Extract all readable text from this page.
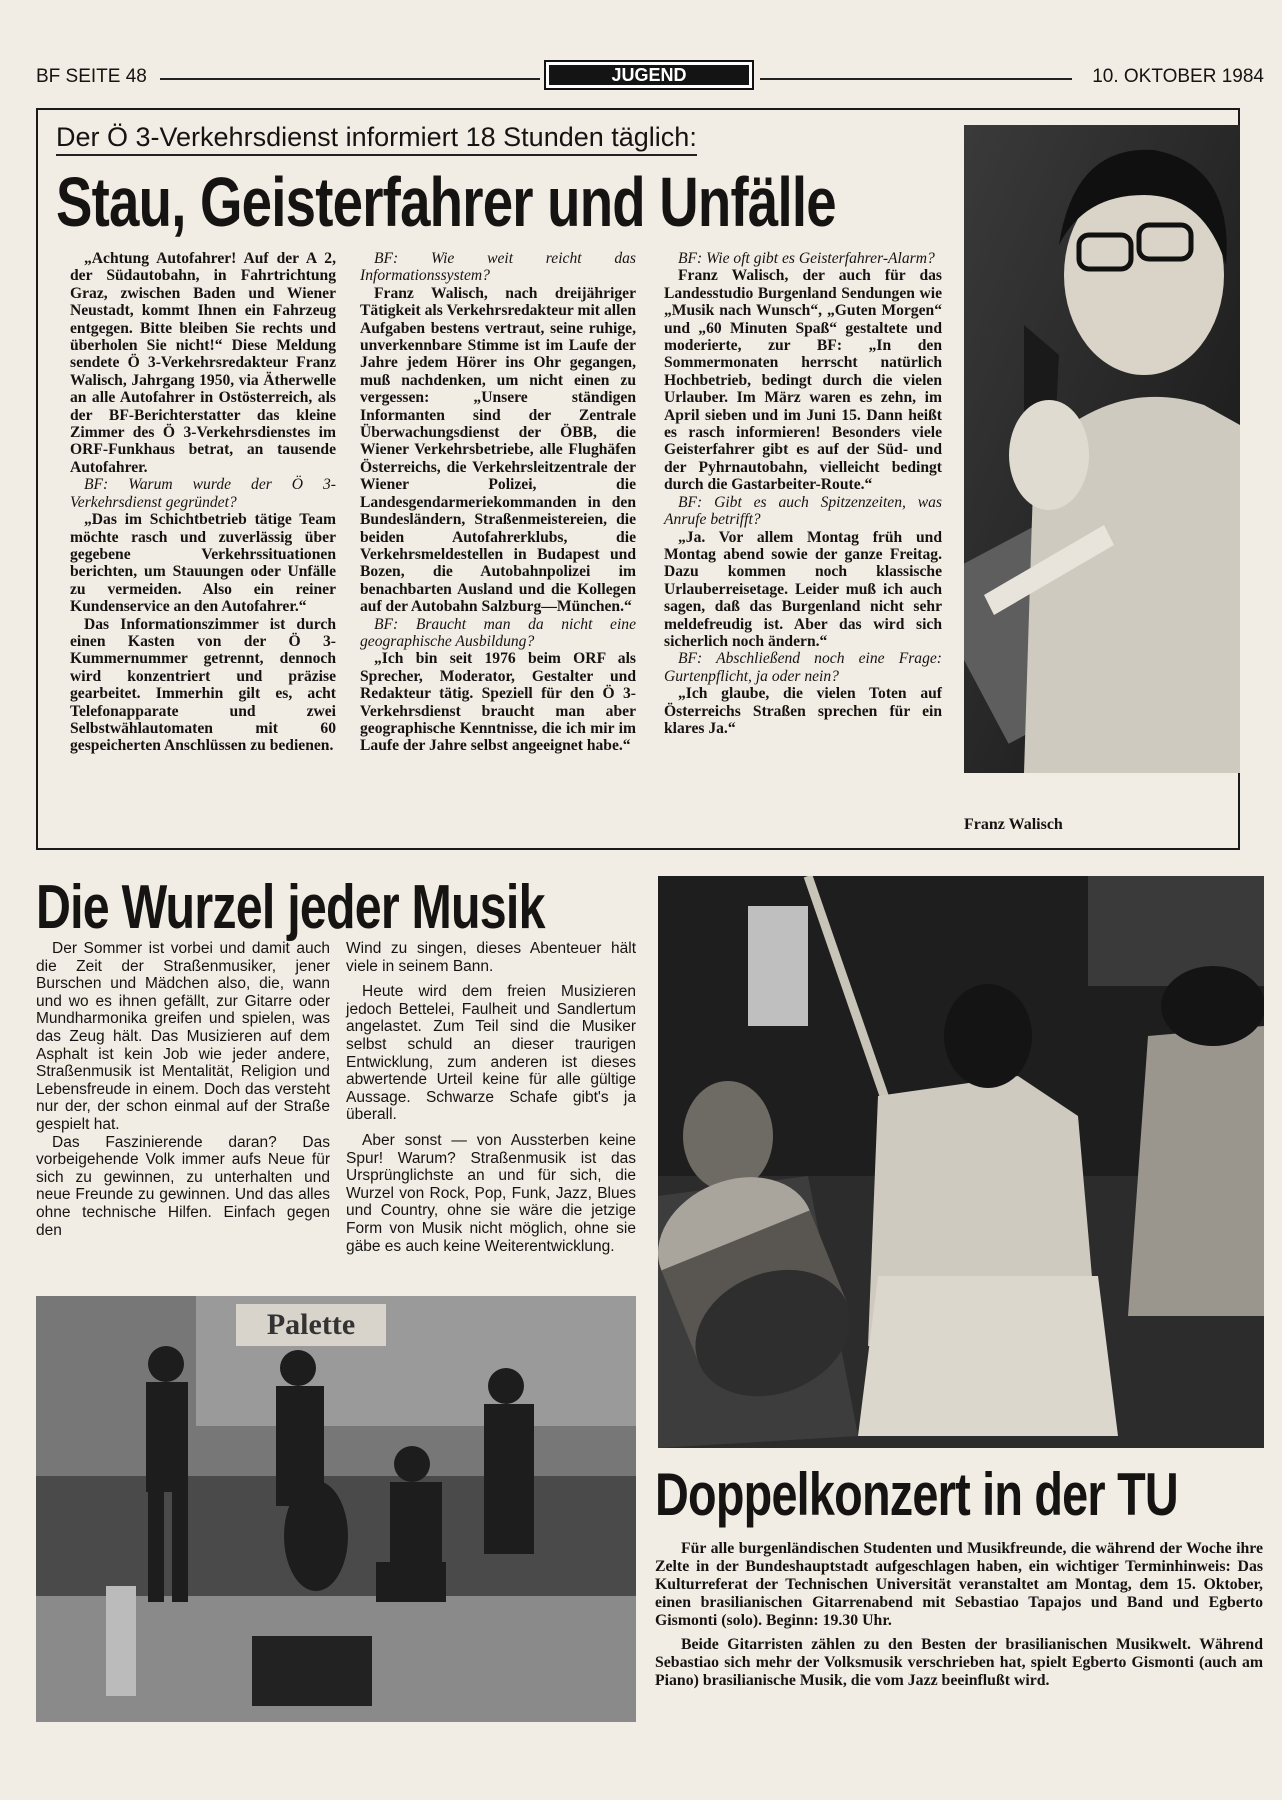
BF SEITE 48	JUGEND	10. OKTOBER 1984
Der Ö 3-Verkehrsdienst informiert 18 Stunden täglich:
Stau, Geisterfahrer und Unfälle

„Achtung Autofahrer! Auf der A 2, der Südautobahn, in Fahrtrichtung Graz, zwischen Baden und Wiener Neustadt, kommt Ihnen ein Fahrzeug entgegen. Bitte bleiben Sie rechts und überholen Sie nicht!“ Diese Meldung sendete Ö 3-Verkehrsredakteur Franz Walisch, Jahrgang 1950, via Ätherwelle an alle Autofahrer in Ostösterreich, als der BF-Berichterstatter das kleine Zimmer des Ö 3-Verkehrsdienstes im ORF-Funkhaus betrat, an tausende Autofahrer.

BF: Warum wurde der Ö 3-Verkehrsdienst gegründet?

„Das im Schichtbetrieb tätige Team möchte rasch und zuverlässig über gegebene Verkehrssituationen berichten, um Stauungen oder Unfälle zu vermeiden. Also ein reiner Kundenservice an den Autofahrer.“

Das Informationszimmer ist durch einen Kasten von der Ö 3-Kummernummer getrennt, dennoch wird konzentriert und präzise gearbeitet. Immerhin gilt es, acht Telefonapparate und zwei Selbstwählautomaten mit 60 gespeicherten Anschlüssen zu bedienen.

BF: Wie weit reicht das Informationssystem?

Franz Walisch, nach dreijähriger Tätigkeit als Verkehrsredakteur mit allen Aufgaben bestens vertraut, seine ruhige, unverkennbare Stimme ist im Laufe der Jahre jedem Hörer ins Ohr gegangen, muß nachdenken, um nicht einen zu vergessen: „Unsere ständigen Informanten sind der Zentrale Überwachungsdienst der ÖBB, die Wiener Verkehrsbetriebe, alle Flughäfen Österreichs, die Verkehrsleitzentrale der Wiener Polizei, die Landesgendarmeriekommanden in den Bundesländern, Straßenmeistereien, die beiden Autofahrerklubs, die Verkehrsmeldestellen in Budapest und Bozen, die Autobahnpolizei im benachbarten Ausland und die Kollegen auf der Autobahn Salzburg—München.“

BF: Braucht man da nicht eine geographische Ausbildung?

„Ich bin seit 1976 beim ORF als Sprecher, Moderator, Gestalter und Redakteur tätig. Speziell für den Ö 3-Verkehrsdienst braucht man aber geographische Kenntnisse, die ich mir im Laufe der Jahre selbst angeeignet habe.“

BF: Wie oft gibt es Geisterfahrer-Alarm?

Franz Walisch, der auch für das Landesstudio Burgenland Sendungen wie „Musik nach Wunsch“, „Guten Morgen“ und „60 Minuten Spaß“ gestaltete und moderierte, zur BF: „In den Sommermonaten herrscht natürlich Hochbetrieb, bedingt durch die vielen Urlauber. Im März waren es zehn, im April sieben und im Juni 15. Dann heißt es rasch informieren! Besonders viele Geisterfahrer gibt es auf der Süd- und der Pyhrnautobahn, vielleicht bedingt durch die Gastarbeiter-Route.“

BF: Gibt es auch Spitzenzeiten, was Anrufe betrifft?

„Ja. Vor allem Montag früh und Montag abend sowie der ganze Freitag. Dazu kommen noch klassische Urlauberreisetage. Leider muß ich auch sagen, daß das Burgenland nicht sehr meldefreudig ist. Aber das wird sich sicherlich noch ändern.“

BF: Abschließend noch eine Frage: Gurtenpflicht, ja oder nein?

„Ich glaube, die vielen Toten auf Österreichs Straßen sprechen für ein klares Ja.“

Franz Walisch
Die Wurzel jeder Musik

Der Sommer ist vorbei und damit auch die Zeit der Straßenmusiker, jener Burschen und Mädchen also, die, wann und wo es ihnen gefällt, zur Gitarre oder Mundharmonika greifen und spielen, was das Zeug hält. Das Musizieren auf dem Asphalt ist kein Job wie jeder andere, Straßenmusik ist Mentalität, Religion und Lebensfreude in einem. Doch das versteht nur der, der schon einmal auf der Straße gespielt hat.

Das Faszinierende daran? Das vorbeigehende Volk immer aufs Neue für sich zu gewinnen, zu unterhalten und neue Freunde zu gewinnen. Und das alles ohne technische Hilfen. Einfach gegen den

Wind zu singen, dieses Abenteuer hält viele in seinem Bann.

Heute wird dem freien Musizieren jedoch Bettelei, Faulheit und Sandlertum angelastet. Zum Teil sind die Musiker selbst schuld an dieser traurigen Entwicklung, zum anderen ist dieses abwertende Urteil keine für alle gültige Aussage. Schwarze Schafe gibt's ja überall.

Aber sonst — von Aussterben keine Spur! Warum? Straßenmusik ist das Ursprünglichste an und für sich, die Wurzel von Rock, Pop, Funk, Jazz, Blues und Country, ohne sie wäre die jetzige Form von Musik nicht möglich, ohne sie gäbe es auch keine Weiterentwicklung.

Palette
Doppelkonzert in der TU

Für alle burgenländischen Studenten und Musikfreunde, die während der Woche ihre Zelte in der Bundeshauptstadt aufgeschlagen haben, ein wichtiger Terminhinweis: Das Kulturreferat der Technischen Universität veranstaltet am Montag, dem 15. Oktober, einen brasilianischen Gitarrenabend mit Sebastiao Tapajos und Band und Egberto Gismonti (solo). Beginn: 19.30 Uhr.

Beide Gitarristen zählen zu den Besten der brasilianischen Musikwelt. Während Sebastiao sich mehr der Volksmusik verschrieben hat, spielt Egberto Gismonti (auch am Piano) brasilianische Musik, die vom Jazz beeinflußt wird.
